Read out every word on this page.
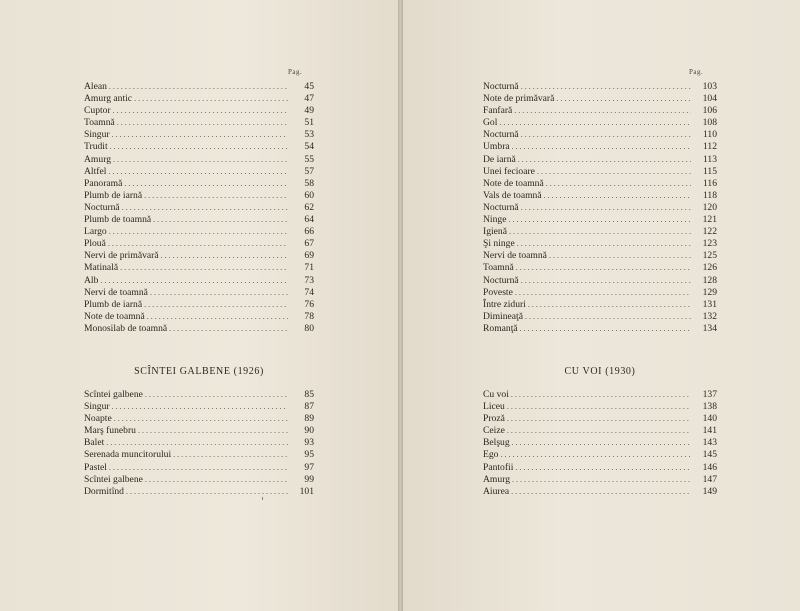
Pag.
Alean . . .	45
Amurg antic . . .	47
Cuptor . . .	49
Toamnă . . .	51
Singur . . .	53
Trudit . . .	54
Amurg . . .	55
Altfel . . .	57
Panoramă . . .	58
Plumb de iarnă . . .	60
Nocturnă . . .	62
Plumb de toamnă . . .	64
Largo . . .	66
Plouă . . .	67
Nervi de primăvară . . .	69
Matinală . . .	71
Alb . . .	73
Nervi de toamnă . . .	74
Plumb de iarnă . . .	76
Note de toamnă . . .	78
Monosilab de toamnă . . .	80
SCÎNTEI GALBENE (1926)
Scîntei galbene . . .	85
Singur . . .	87
Noapte . . .	89
Marş funebru . . .	90
Balet . . .	93
Serenada muncitorului . . .	95
Pastel . . .	97
Scîntei galbene . . .	99
Dormitînd . . .	101
Pag.
Nocturnă . . .	103
Note de primăvară . . .	104
Fanfară . . .	106
Gol . . .	108
Nocturnă . . .	110
Umbra . . .	112
De iarnă . . .	113
Unei fecioare . . .	115
Note de toamnă . . .	116
Vals de toamnă . . .	118
Nocturnă . . .	120
Ninge . . .	121
Igienă . . .	122
Şi ninge . . .	123
Nervi de toamnă . . .	125
Toamnă . . .	126
Nocturnă . . .	128
Poveste . . .	129
Între ziduri . . .	131
Dimineaţă . . .	132
Romanţă . . .	134
CU VOI (1930)
Cu voi . . .	137
Liceu . . .	138
Proză . . .	140
Ceize . . .	141
Belşug . . .	143
Ego . . .	145
Pantofii . . .	146
Amurg . . .	147
Aiurea . . .	149
